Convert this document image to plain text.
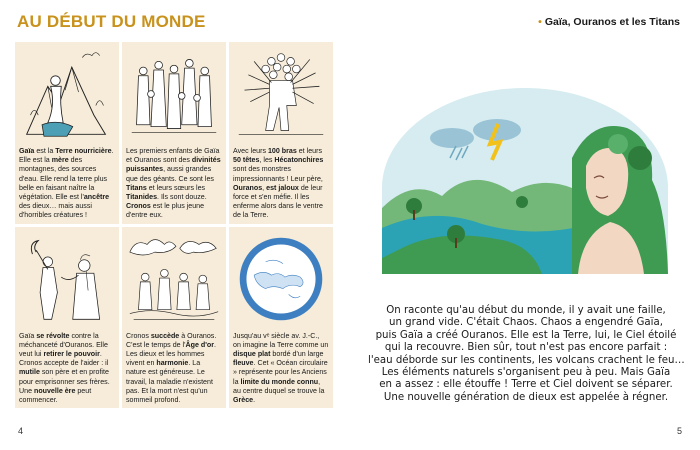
AU DÉBUT DU MONDE	• Gaïa, Ouranos et les Titans
Gaïa est la Terre nourricière. Elle est la mère des montagnes, des sources d'eau. Elle rend la terre plus belle en faisant naître la végétation. Elle est l'ancêtre des dieux… mais aussi d'horribles créatures !
Les premiers enfants de Gaïa et Ouranos sont des divinités puissantes, aussi grandes que des géants. Ce sont les Titans et leurs sœurs les Titanides. Ils sont douze. Cronos est le plus jeune d'entre eux.
Avec leurs 100 bras et leurs 50 têtes, les Hécatonchires sont des monstres impressionnants ! Leur père, Ouranos, est jaloux de leur force et s'en méfie. Il les enferme alors dans le ventre de la Terre.
Gaïa se révolte contre la méchanceté d'Ouranos. Elle veut lui retirer le pouvoir. Cronos accepte de l'aider : il mutile son père et en profite pour emprisonner ses frères. Une nouvelle ère peut commencer.
Cronos succède à Ouranos. C'est le temps de l'Âge d'or. Les dieux et les hommes vivent en harmonie. La nature est généreuse. Le travail, la maladie n'existent pas. Et la mort n'est qu'un sommeil profond.
Jusqu'au vᵉ siècle av. J.-C., on imagine la Terre comme un disque plat bordé d'un large fleuve. Cet « Océan circulaire » représente pour les Anciens la limite du monde connu, au centre duquel se trouve la Grèce.
4	5
On raconte qu'au début du monde, il y avait une faille,
un grand vide. C'était Chaos. Chaos a engendré Gaïa,
puis Gaïa a créé Ouranos. Elle est la Terre, lui, le Ciel étoilé
qui la recouvre. Bien sûr, tout n'est pas encore parfait :
l'eau déborde sur les continents, les volcans crachent le feu…
Les éléments naturels s'organisent peu à peu. Mais Gaïa
en a assez : elle étouffe ! Terre et Ciel doivent se séparer.
Une nouvelle génération de dieux est appelée à régner.
